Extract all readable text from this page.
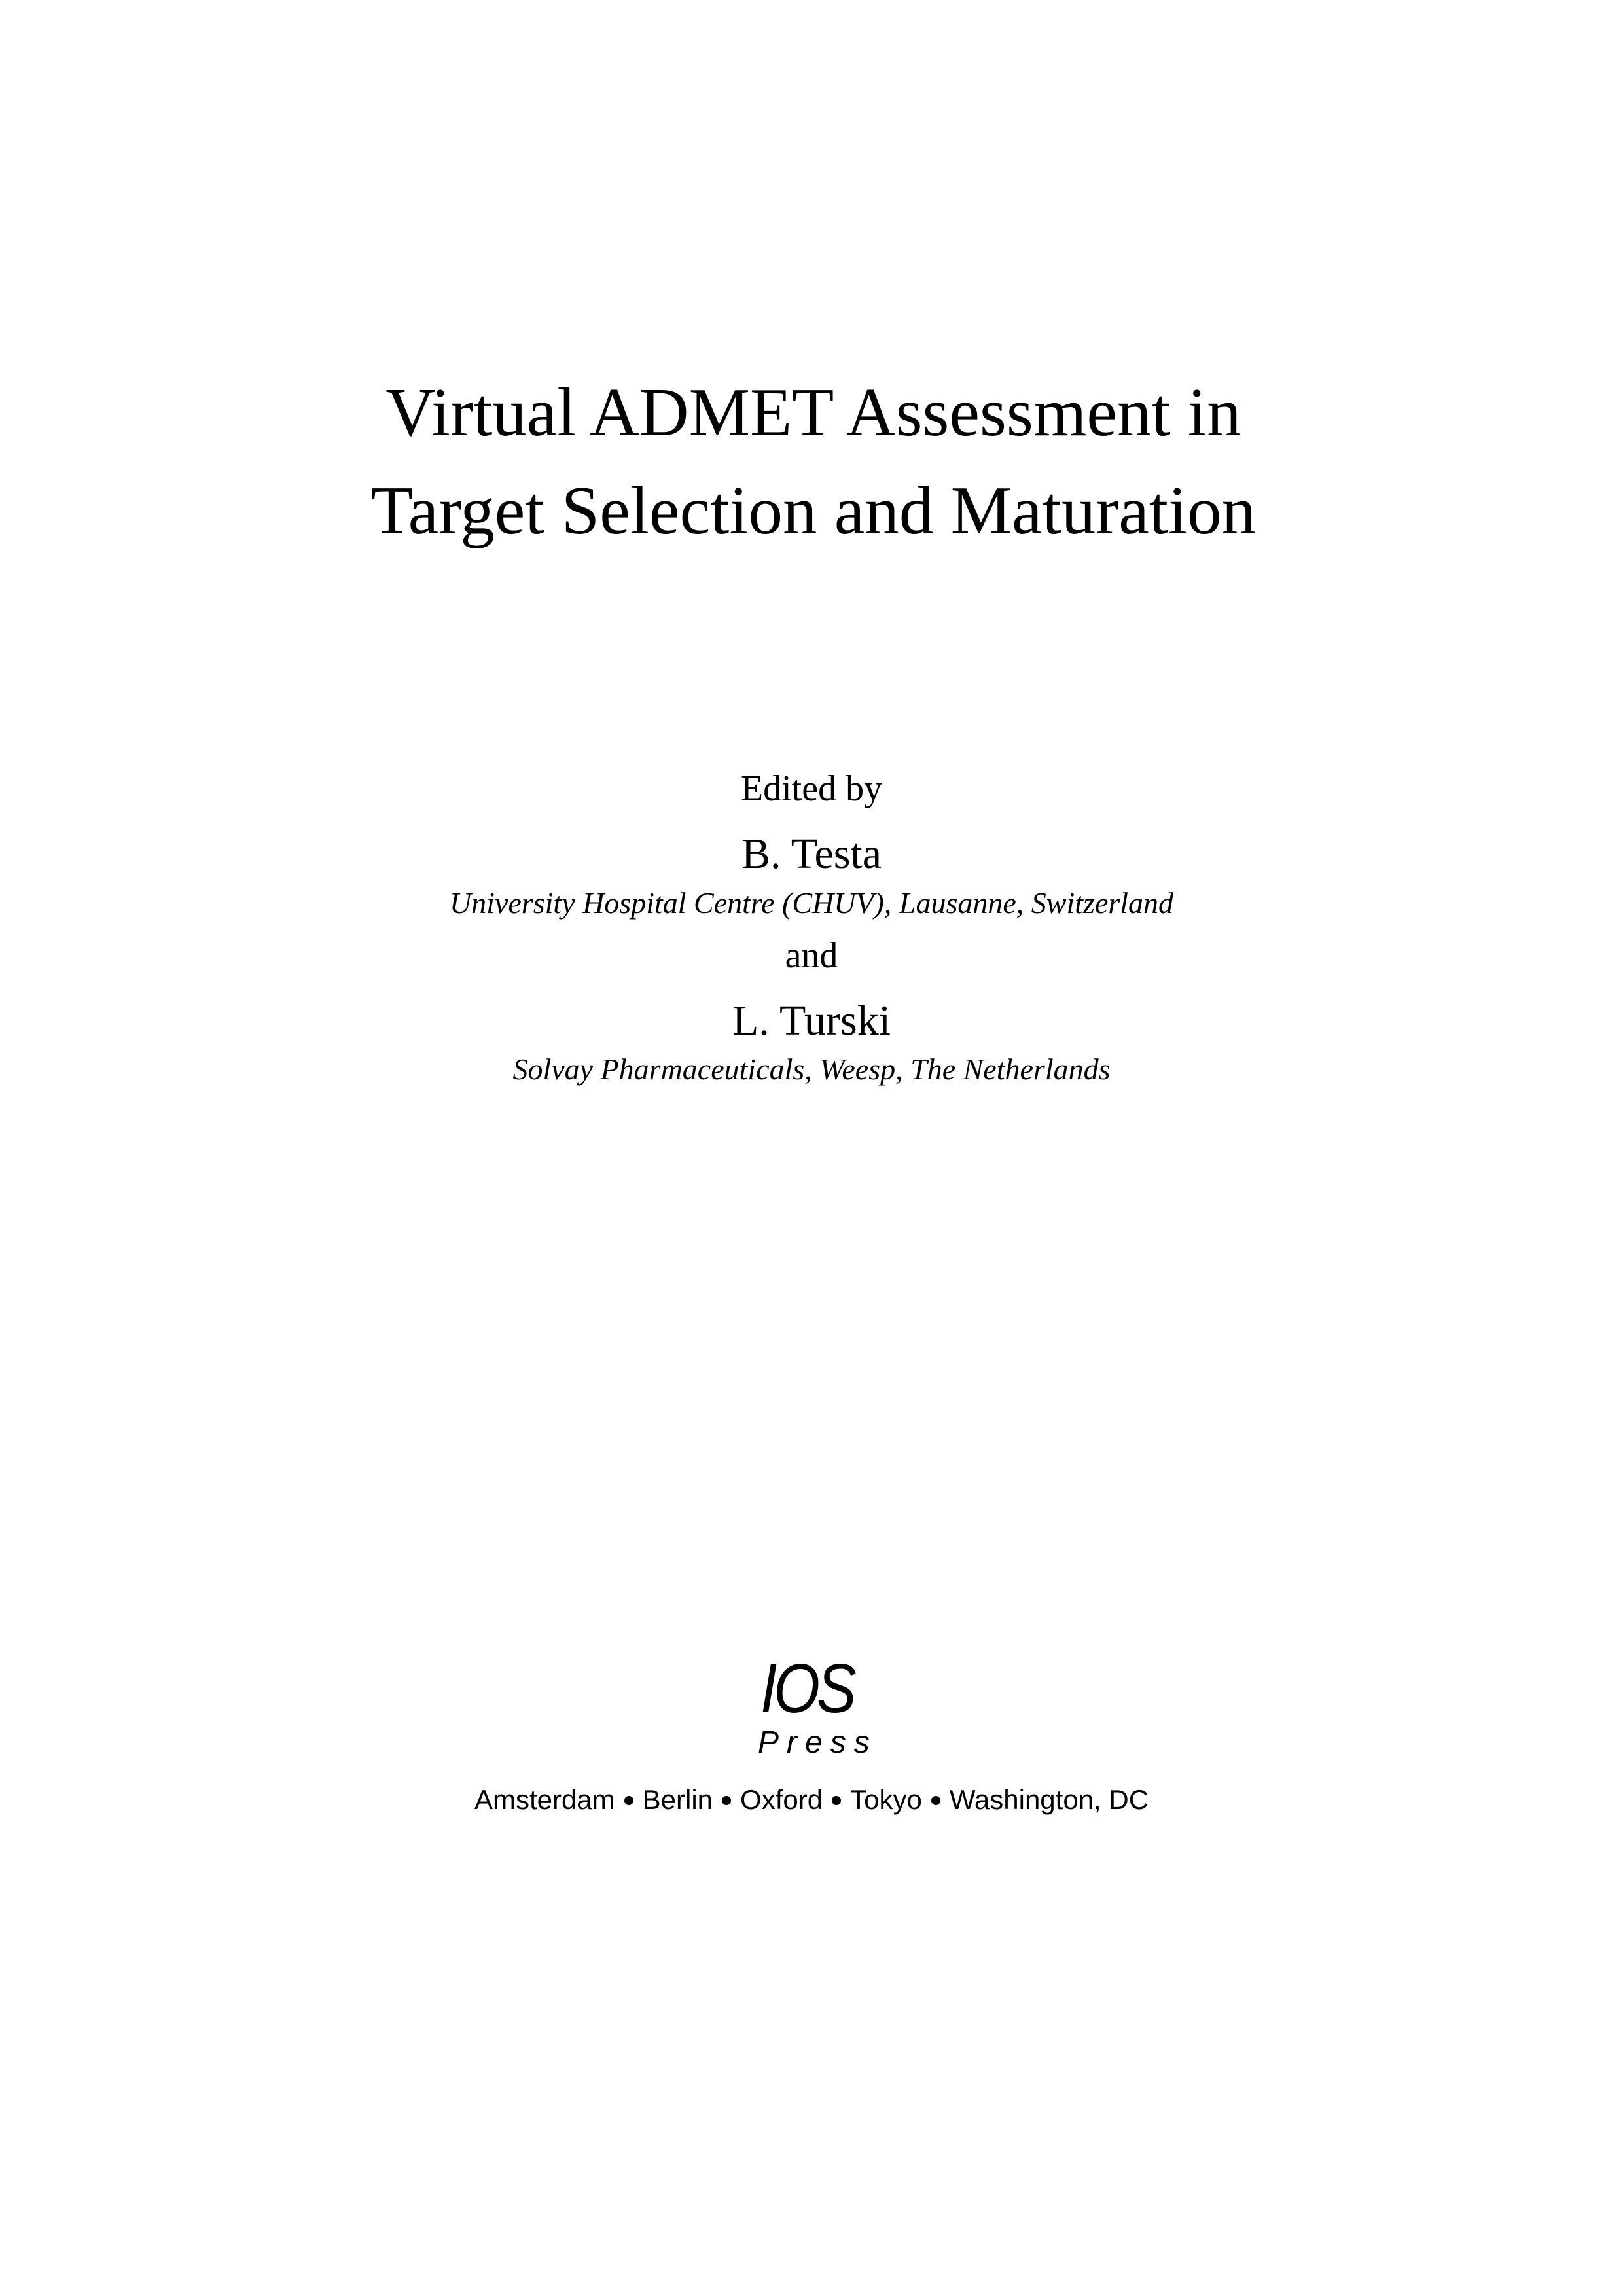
Virtual ADMET Assessment in
Target Selection and Maturation
Edited by
B. Testa
University Hospital Centre (CHUV), Lausanne, Switzerland
and
L. Turski
Solvay Pharmaceuticals, Weesp, The Netherlands
IOS
Press
Amsterdam Berlin Oxford Tokyo Washington, DC
